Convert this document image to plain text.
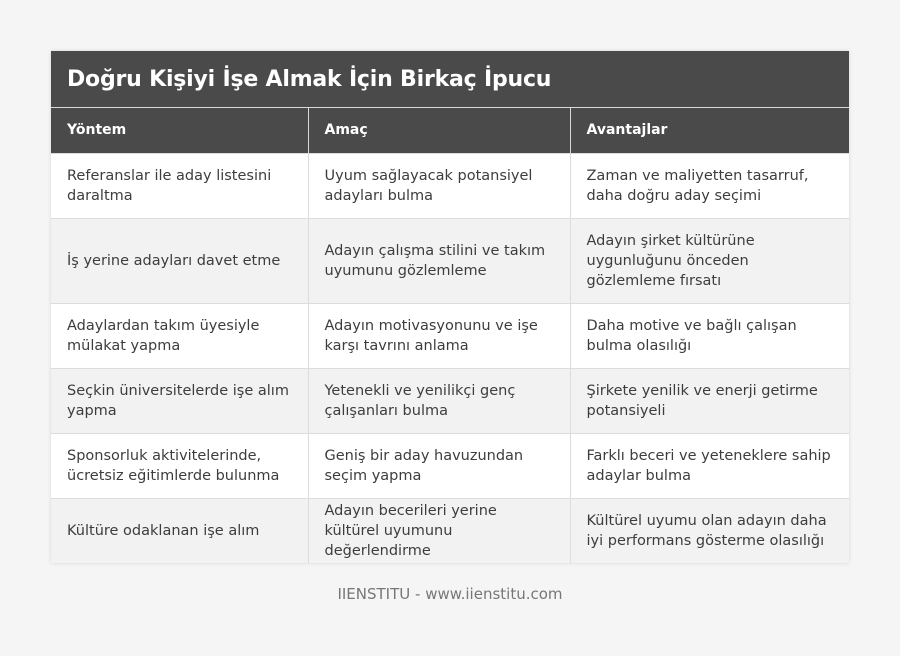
Doğru Kişiyi İşe Almak İçin Birkaç İpucu
Yöntem	Amaç	Avantajlar
Referanslar ile aday listesini daraltma	Uyum sağlayacak potansiyel adayları bulma	Zaman ve maliyetten tasarruf, daha doğru aday seçimi
İş yerine adayları davet etme	Adayın çalışma stilini ve takım uyumunu gözlemleme	Adayın şirket kültürüne uygunluğunu önceden gözlemleme fırsatı
Adaylardan takım üyesiyle mülakat yapma	Adayın motivasyonunu ve işe karşı tavrını anlama	Daha motive ve bağlı çalışan bulma olasılığı
Seçkin üniversitelerde işe alım yapma	Yetenekli ve yenilikçi genç çalışanları bulma	Şirkete yenilik ve enerji getirme potansiyeli
Sponsorluk aktivitelerinde, ücretsiz eğitimlerde bulunma	Geniş bir aday havuzundan seçim yapma	Farklı beceri ve yeteneklere sahip adaylar bulma
Kültüre odaklanan işe alım	Adayın becerileri yerine kültürel uyumunu değerlendirme	Kültürel uyumu olan adayın daha iyi performans gösterme olasılığı
IIENSTITU - www.iienstitu.com
